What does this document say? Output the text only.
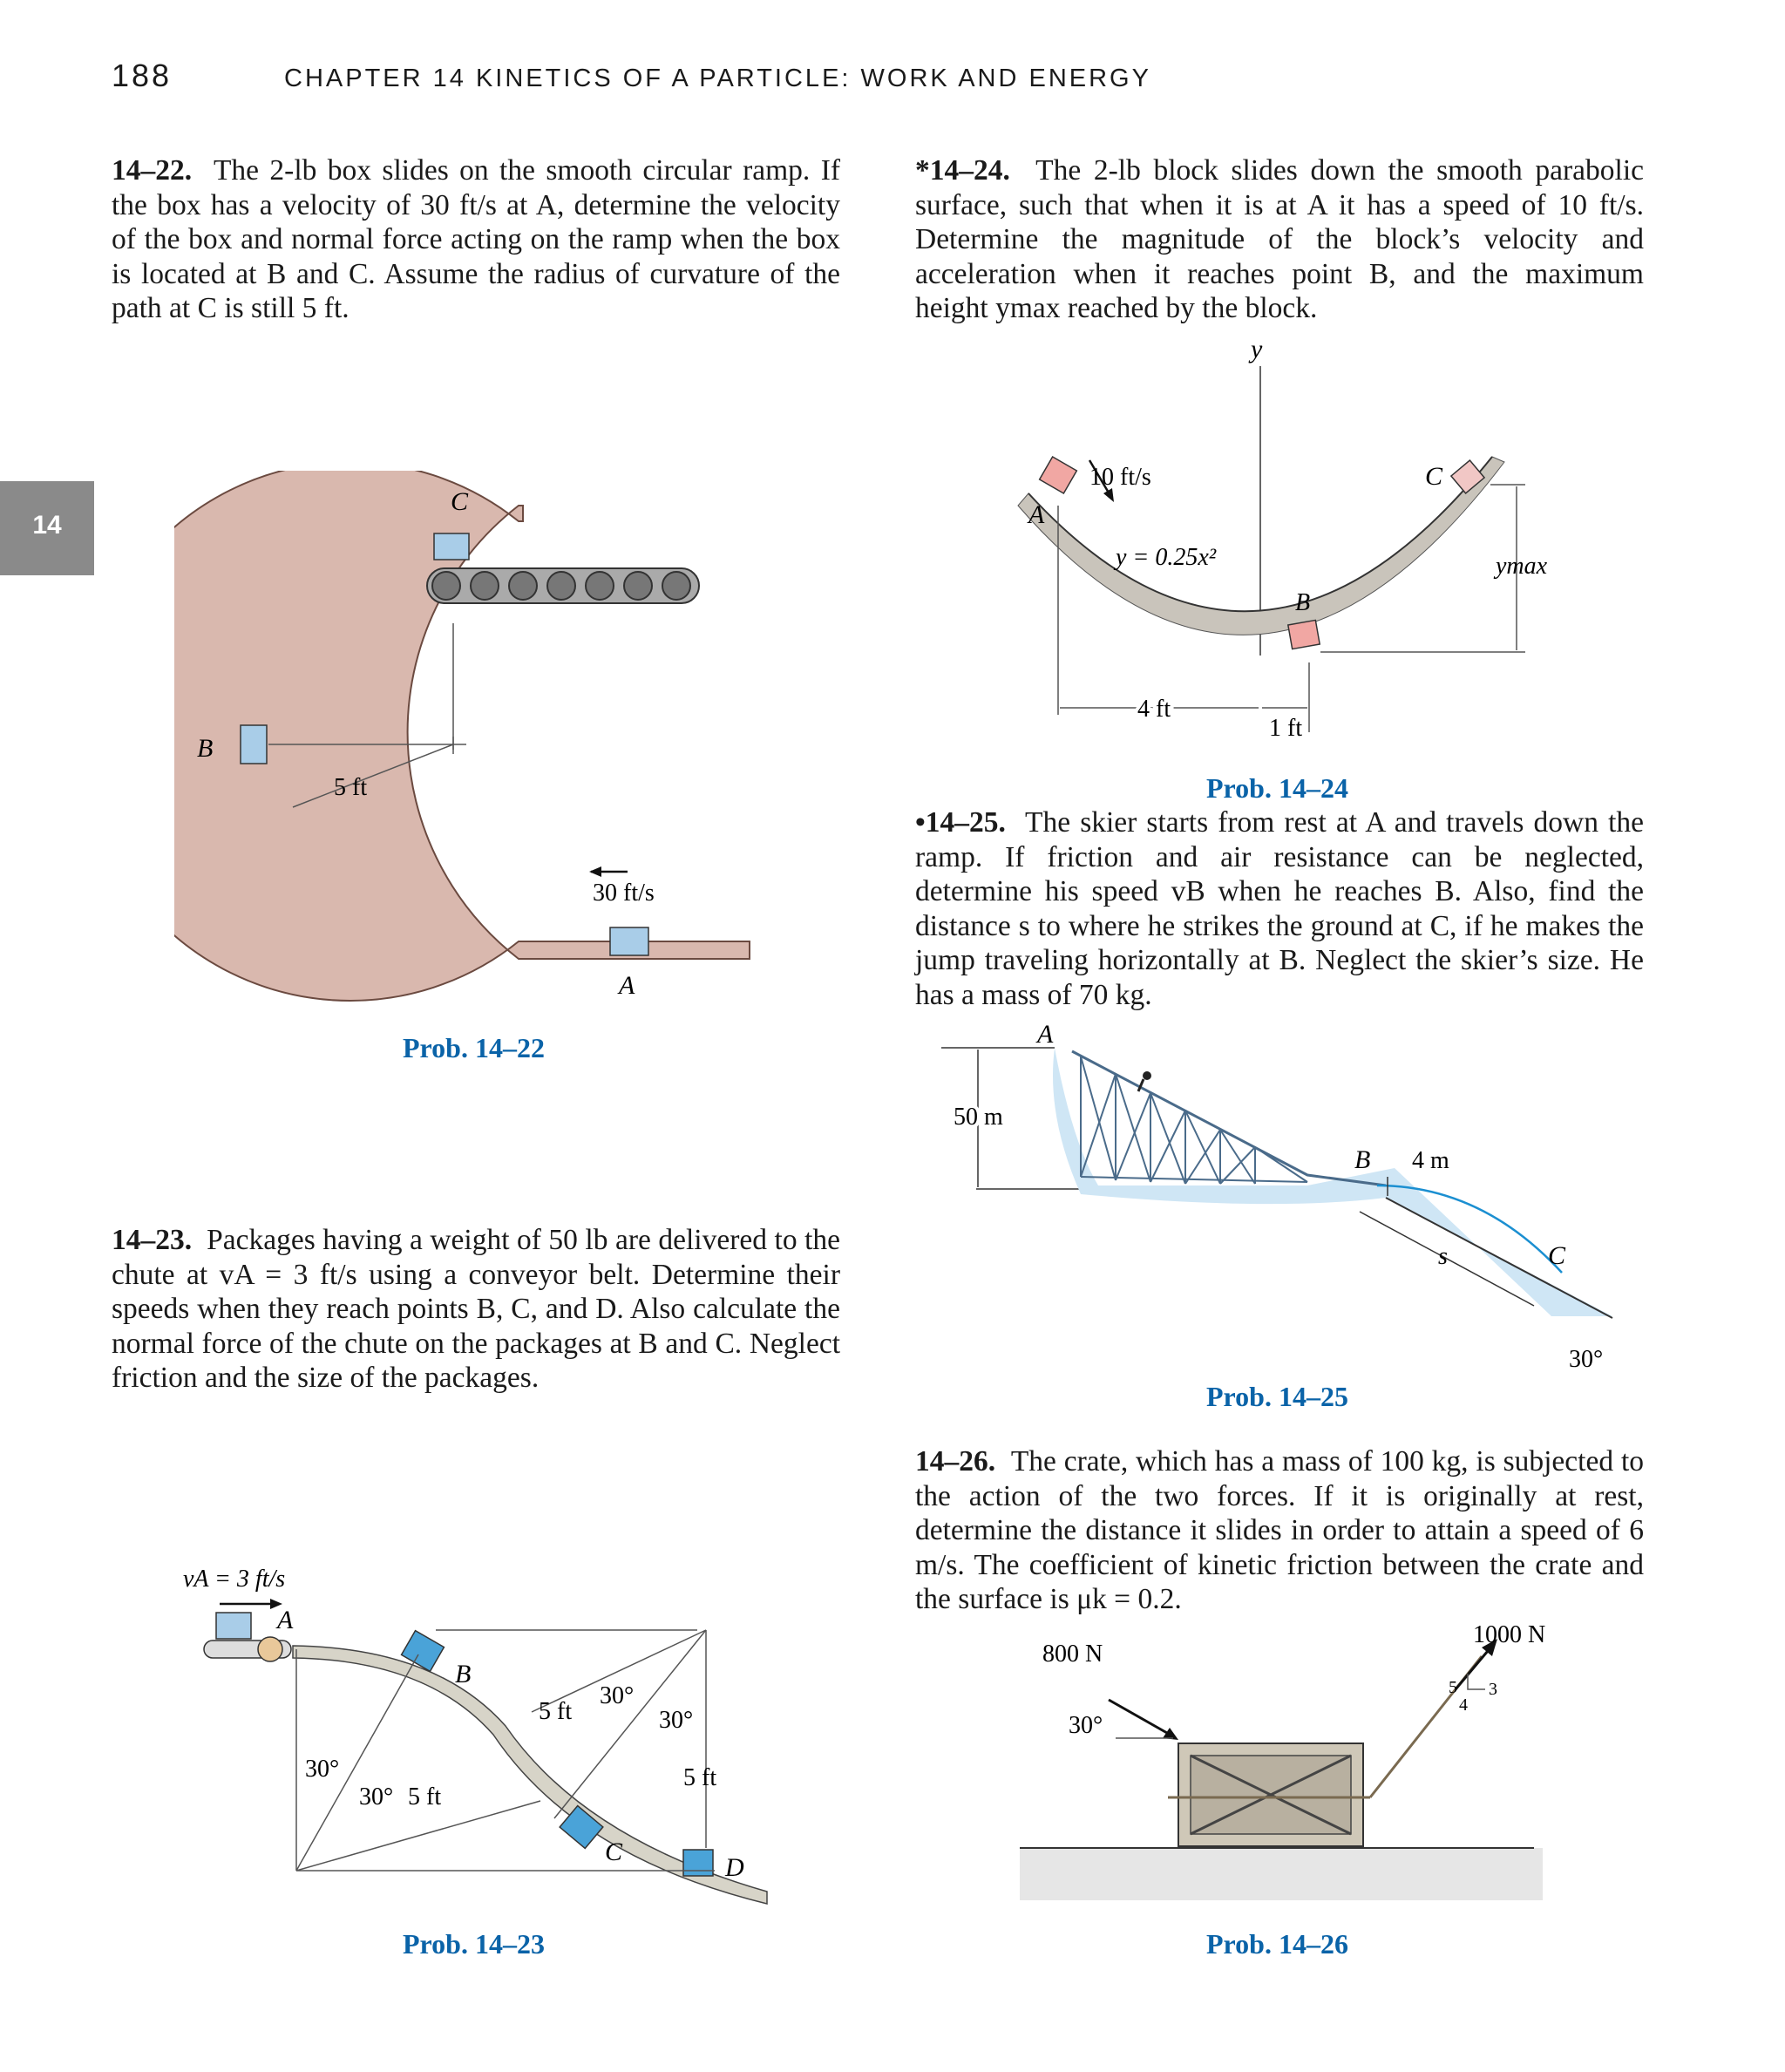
188	CHAPTER 14 KINETICS OF A PARTICLE: WORK AND ENERGY
14
14–22. The 2-lb box slides on the smooth circular ramp. If the box has a velocity of 30 ft/s at A, determine the velocity of the box and normal force acting on the ramp when the box is located at B and C. Assume the radius of curvature of the path at C is still 5 ft.
*14–24. The 2-lb block slides down the smooth parabolic surface, such that when it is at A it has a speed of 10 ft/s. Determine the magnitude of the block’s velocity and acceleration when it reaches point B, and the maximum height ymax reached by the block.
C
B
5 ft
30 ft/s
A
Prob. 14–22
y
10 ft/s
A
C
y = 0.25x²	ymax
B
4 ft
1 ft
Prob. 14–24
•14–25. The skier starts from rest at A and travels down the ramp. If friction and air resistance can be neglected, determine his speed vB when he reaches B. Also, find the distance s to where he strikes the ground at C, if he makes the jump traveling horizontally at B. Neglect the skier’s size. He has a mass of 70 kg.
A
B 4 m
s	C
30°
50 m
Prob. 14–25
14–23. Packages having a weight of 50 lb are delivered to the chute at vA = 3 ft/s using a conveyor belt. Determine their speeds when they reach points B, C, and D. Also calculate the normal force of the chute on the packages at B and C. Neglect friction and the size of the packages.
vA = 3 ft/s
A
B
30°
5 ft	30°
5 ft
30°
30° 5 ft
C
D
Prob. 14–23
14–26. The crate, which has a mass of 100 kg, is subjected to the action of the two forces. If it is originally at rest, determine the distance it slides in order to attain a speed of 6 m/s. The coefficient of kinetic friction between the crate and the surface is μk = 0.2.
800 N
30°
1000 N
5 3
4
Prob. 14–26
